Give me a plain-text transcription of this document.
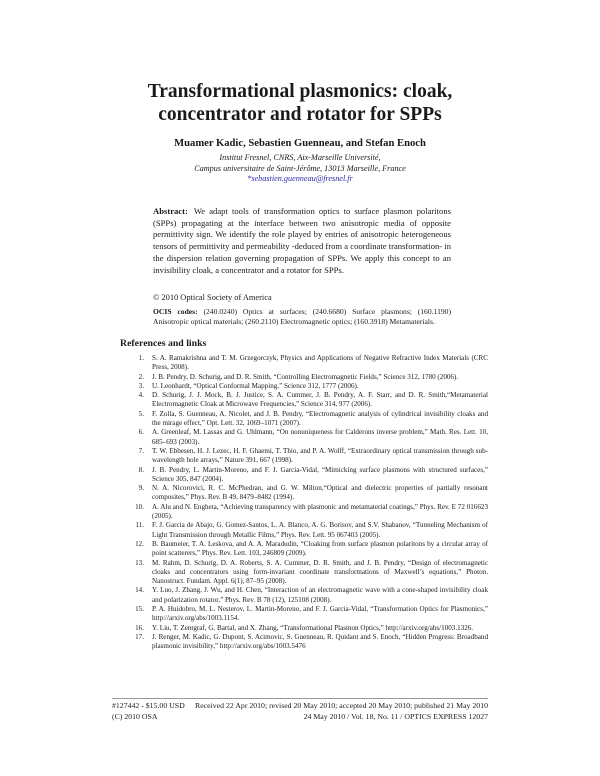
Transformational plasmonics: cloak,
concentrator and rotator for SPPs

Muamer Kadic, Sebastien Guenneau, and Stefan Enoch

Institut Fresnel, CNRS, Aix-Marseille Université,
Campus universitaire de Saint-Jérôme, 13013 Marseille, France
*sebastien.guenneau@fresnel.fr

Abstract: We adapt tools of transformation optics to surface plasmon polaritons (SPPs) propagating at the interface between two anisotropic media of opposite permittivity sign. We identify the role played by entries of anisotropic heterogeneous tensors of permittivity and permeability -deduced from a coordinate transformation- in the dispersion relation governing propagation of SPPs. We apply this concept to an invisibility cloak, a concentrator and a rotator for SPPs.

© 2010 Optical Society of America

OCIS codes: (240.0240) Optics at surfaces; (240.6680) Surface plasmons; (160.1190) Anisotropic optical materials; (260.2110) Electromagnetic optics; (160.3918) Metamaterials.

References and links
1. S. A. Ramakrishna and T. M. Grzegorczyk, Physics and Applications of Negative Refractive Index Materials (CRC Press, 2008).
2. J. B. Pendry, D. Schurig, and D. R. Smith, “Controlling Electromagnetic Fields,” Science 312, 1780 (2006).
3. U. Leonhardt, “Optical Conformal Mapping,” Science 312, 1777 (2006).
4. D. Schurig, J. J. Mock, B. J. Justice, S. A. Cummer, J. B. Pendry, A. F. Starr, and D. R. Smith,“Metamaterial Electromagnetic Cloak at Microwave Frequencies,” Science 314, 977 (2006).
5. F. Zolla, S. Guenneau, A. Nicolet, and J. B. Pendry, “Electromagnetic analysis of cylindrical invisibility cloaks and the mirage effect,” Opt. Lett. 32, 1069–1071 (2007).
6. A. Greenleaf, M. Lassas and G. Uhlmann, “On nonuniqueness for Calderons inverse problem,” Math. Res. Lett. 10, 685–693 (2003).
7. T. W. Ebbesen, H. J. Lezec, H. F. Ghaemi, T. Thio, and P. A. Wolff, “Extraordinary optical transmission through sub-wavelength hole arrays,” Nature 391, 667 (1998).
8. J. B. Pendry, L. Martin-Moreno, and F. J. Garcia-Vidal, “Mimicking surface plasmons with structured surfaces,” Science 305, 847 (2004).
9. N. A. Nicorovici, R. C. McPhedran, and G. W. Milton,“Optical and dielectric properties of partially resonant composites,” Phys. Rev. B 49, 8479–8482 (1994).
10. A. Alu and N. Engheta, “Achieving transparency with plasmonic and metamaterial coatings,” Phys. Rev. E 72 016623 (2005).
11. F. J. Garcia de Abajo, G. Gomez-Santos, L. A. Blanco, A. G. Borisov, and S.V. Shabanov, “Tunneling Mechanism of Light Transmission through Metallic Films,” Phys. Rev. Lett. 95 067403 (2005).
12. B. Baumeier, T. A. Leskova, and A. A. Maradudin, “Cloaking from surface plasmon polaritons by a circular array of point scatterers,” Phys. Rev. Lett. 103, 246809 (2009).
13. M. Rahm, D. Schurig, D. A. Roberts, S. A. Cummer, D. R. Smith, and J. B. Pendry, “Design of electromagnetic cloaks and concentrators using form-invariant coordinate transformations of Maxwell’s equations,” Photon. Nanostruct. Fundam. Appl. 6(1), 87–95 (2008).
14. Y. Luo, J. Zhang, J. Wu, and H. Chen, “Interaction of an electromagnetic wave with a cone-shaped invisibility cloak and polarization rotator,” Phys. Rev. B 78 (12), 125108 (2008).
15. P. A. Huidobro, M. L. Nesterov, L. Martin-Moreno, and F. J. Garcia-Vidal, “Transformation Optics for Plasmonics,” http://arxiv.org/abs/1003.1154.
16. Y. Liu, T. Zentgraf, G. Bartal, and X. Zhang, “Transformational Plasmon Optics,” http://arxiv.org/abs/1003.1326.
17. J. Renger, M. Kadic, G. Dupont, S. Acimovic, S. Guenneau, R. Quidant and S. Enoch, “Hidden Progress: Broadband plasmonic invisibility,” http://arxiv.org/abs/1003.5476
#127442 - $15.00 USD Received 22 Apr 2010; revised 20 May 2010; accepted 20 May 2010; published 21 May 2010
(C) 2010 OSA	24 May 2010 / Vol. 18, No. 11 / OPTICS EXPRESS 12027
